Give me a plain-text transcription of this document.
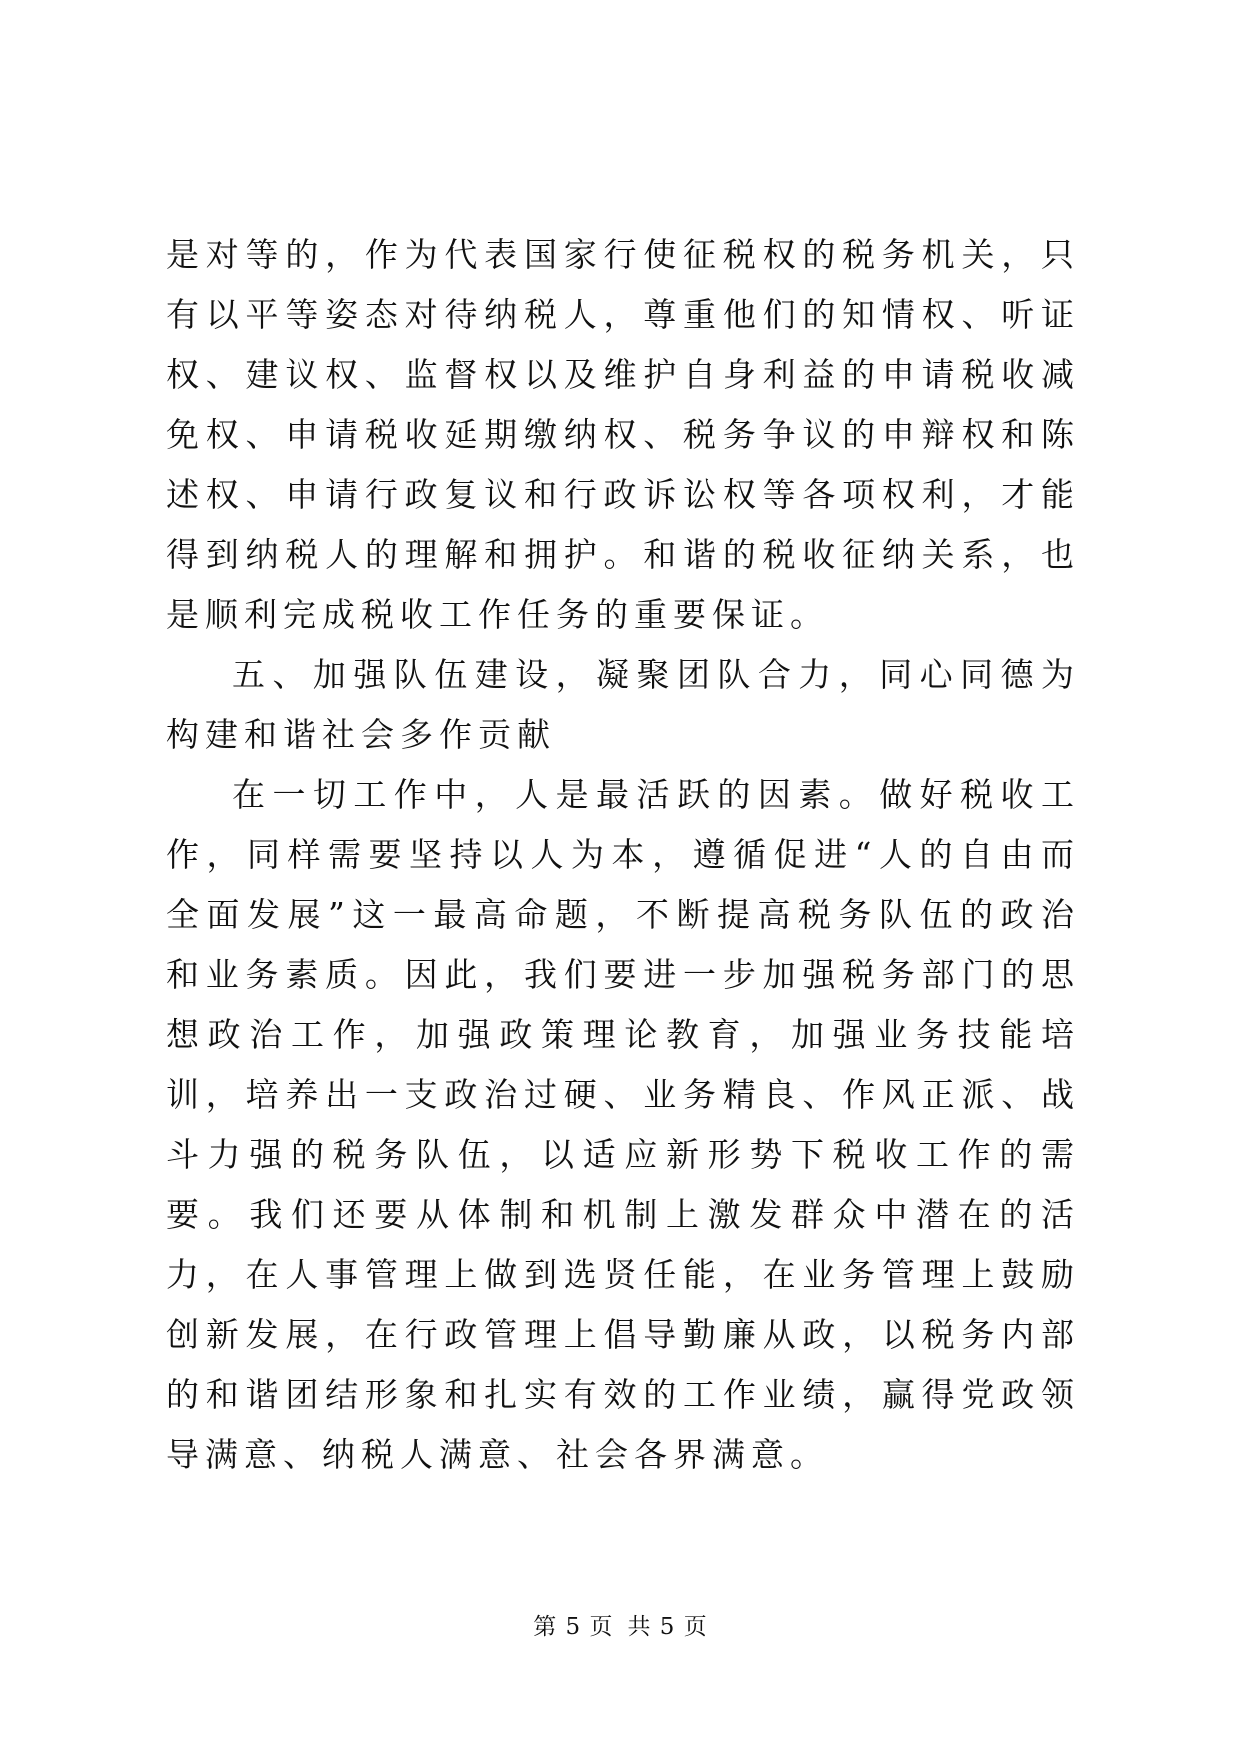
是对等的，作为代表国家行使征税权的税务机关，只有以平等姿态对待纳税人，尊重他们的知情权、听证权、建议权、监督权以及维护自身利益的申请税收减免权、申请税收延期缴纳权、税务争议的申辩权和陈述权、申请行政复议和行政诉讼权等各项权利，才能得到纳税人的理解和拥护。和谐的税收征纳关系，也是顺利完成税收工作任务的重要保证。

五、加强队伍建设，凝聚团队合力，同心同德为构建和谐社会多作贡献

在一切工作中，人是最活跃的因素。做好税收工作，同样需要坚持以人为本，遵循促进“人的自由而全面发展”这一最高命题，不断提高税务队伍的政治和业务素质。因此，我们要进一步加强税务部门的思想政治工作，加强政策理论教育，加强业务技能培训，培养出一支政治过硬、业务精良、作风正派、战斗力强的税务队伍，以适应新形势下税收工作的需要。我们还要从体制和机制上激发群众中潜在的活力，在人事管理上做到选贤任能，在业务管理上鼓励创新发展，在行政管理上倡导勤廉从政，以税务内部的和谐团结形象和扎实有效的工作业绩，赢得党政领导满意、纳税人满意、社会各界满意。

第 5 页 共 5 页
